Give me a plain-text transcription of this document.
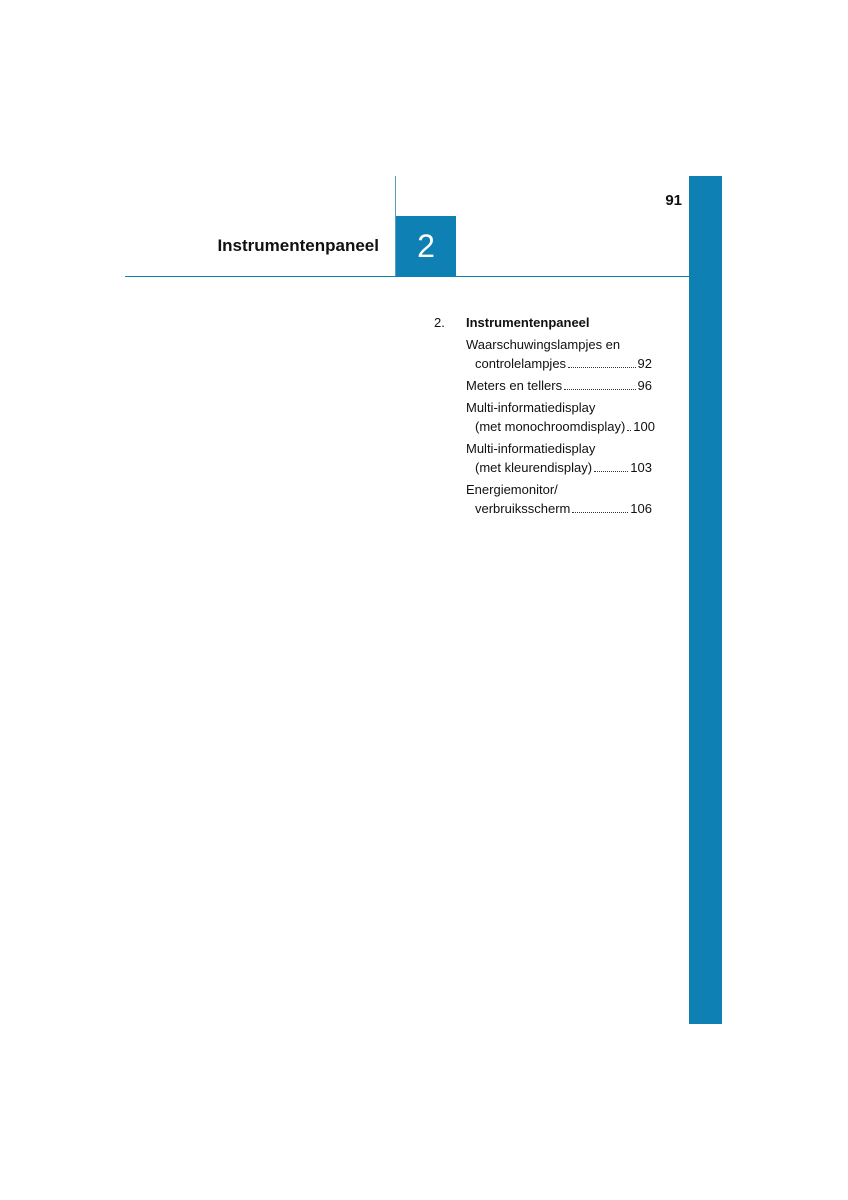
91
Instrumentenpaneel	2
2.	Instrumentenpaneel
Waarschuwingslampjes en
controlelampjes	92
Meters en tellers	96
Multi-informatiedisplay
(met monochroomdisplay) 100
Multi-informatiedisplay
(met kleurendisplay)	103
Energiemonitor/
verbruiksscherm	106
